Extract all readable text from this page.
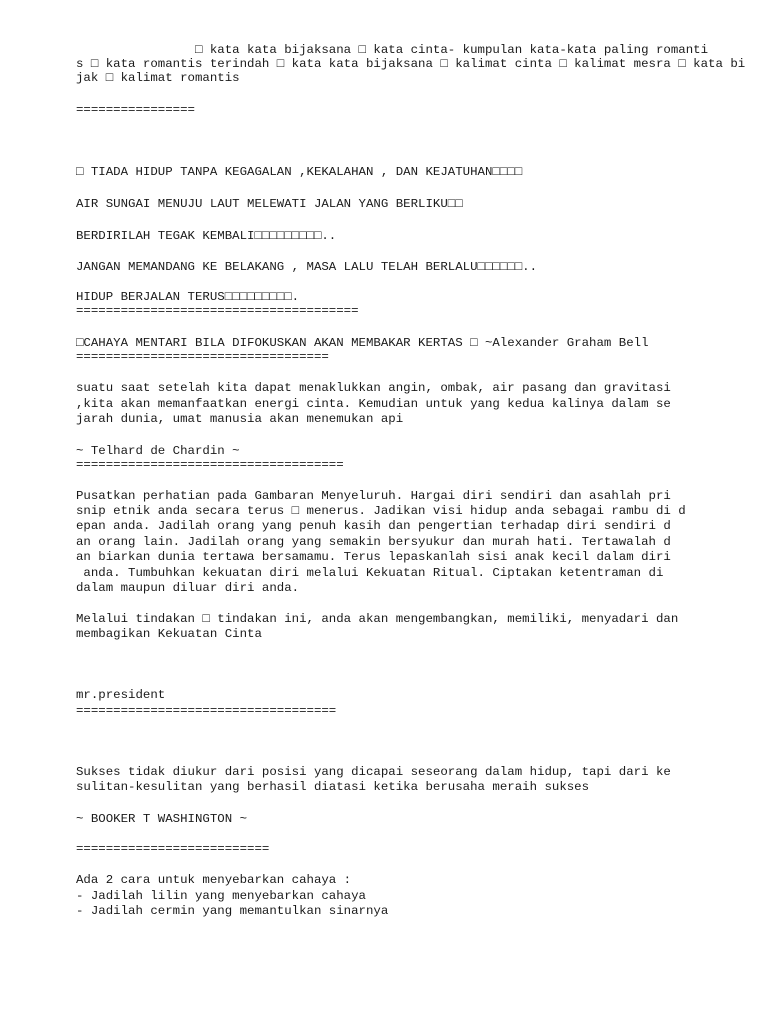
□ kata kata bijaksana □ kata cinta- kumpulan kata-kata paling romanti
s □ kata romantis terindah □ kata kata bijaksana □ kalimat cinta □ kalimat mesra □ kata bi
jak □ kalimat romantis
================
□ TIADA HIDUP TANPA KEGAGALAN ,KEKALAHAN , DAN KEJATUHAN□□□□
AIR SUNGAI MENUJU LAUT MELEWATI JALAN YANG BERLIKU□□
BERDIRILAH TEGAK KEMBALI□□□□□□□□□..
JANGAN MEMANDANG KE BELAKANG , MASA LALU TELAH BERLALU□□□□□□..
HIDUP BERJALAN TERUS□□□□□□□□□.
======================================
□CAHAYA MENTARI BILA DIFOKUSKAN AKAN MEMBAKAR KERTAS □ ~Alexander Graham Bell
==================================
suatu saat setelah kita dapat menaklukkan angin, ombak, air pasang dan gravitasi
,kita akan memanfaatkan energi cinta. Kemudian untuk yang kedua kalinya dalam se
jarah dunia, umat manusia akan menemukan api
~ Telhard de Chardin ~
====================================
Pusatkan perhatian pada Gambaran Menyeluruh. Hargai diri sendiri dan asahlah pri
snip etnik anda secara terus □ menerus. Jadikan visi hidup anda sebagai rambu di d
epan anda. Jadilah orang yang penuh kasih dan pengertian terhadap diri sendiri d
an orang lain. Jadilah orang yang semakin bersyukur dan murah hati. Tertawalah d
an biarkan dunia tertawa bersamamu. Terus lepaskanlah sisi anak kecil dalam diri
anda. Tumbuhkan kekuatan diri melalui Kekuatan Ritual. Ciptakan ketentraman di
dalam maupun diluar diri anda.
Melalui tindakan □ tindakan ini, anda akan mengembangkan, memiliki, menyadari dan
membagikan Kekuatan Cinta
mr.president
===================================
Sukses tidak diukur dari posisi yang dicapai seseorang dalam hidup, tapi dari ke
sulitan-kesulitan yang berhasil diatasi ketika berusaha meraih sukses
~ BOOKER T WASHINGTON ~
==========================
Ada 2 cara untuk menyebarkan cahaya :
- Jadilah lilin yang menyebarkan cahaya
- Jadilah cermin yang memantulkan sinarnya
